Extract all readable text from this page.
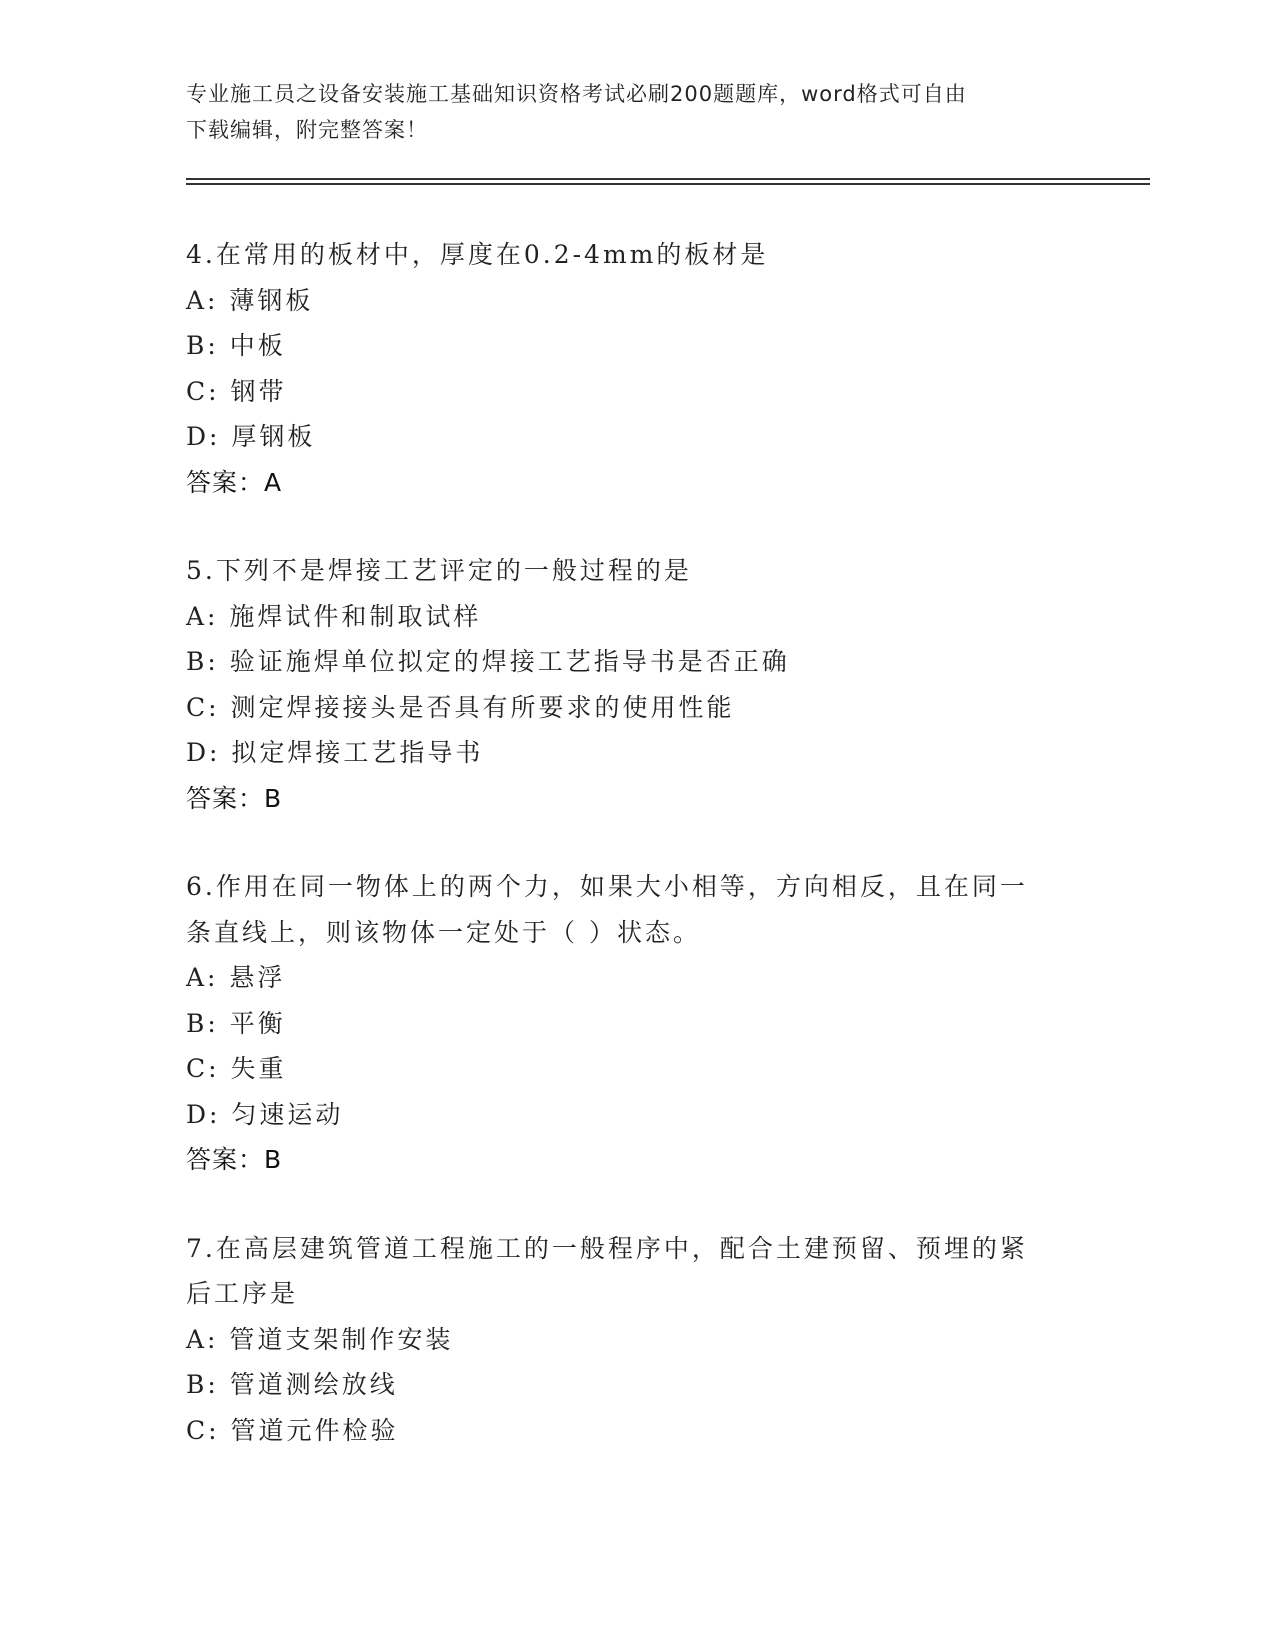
专业施工员之设备安装施工基础知识资格考试必刷200题题库，word格式可自由
下载编辑，附完整答案！
4.在常用的板材中，厚度在0.2-4mm的板材是
A: 薄钢板
B: 中板
C: 钢带
D: 厚钢板
答案：A
5.下列不是焊接工艺评定的一般过程的是
A: 施焊试件和制取试样
B: 验证施焊单位拟定的焊接工艺指导书是否正确
C: 测定焊接接头是否具有所要求的使用性能
D: 拟定焊接工艺指导书
答案：B
6.作用在同一物体上的两个力，如果大小相等，方向相反，且在同一
条直线上，则该物体一定处于（ ）状态。
A: 悬浮
B: 平衡
C: 失重
D: 匀速运动
答案：B
7.在高层建筑管道工程施工的一般程序中，配合土建预留、预埋的紧
后工序是
A: 管道支架制作安装
B: 管道测绘放线
C: 管道元件检验
